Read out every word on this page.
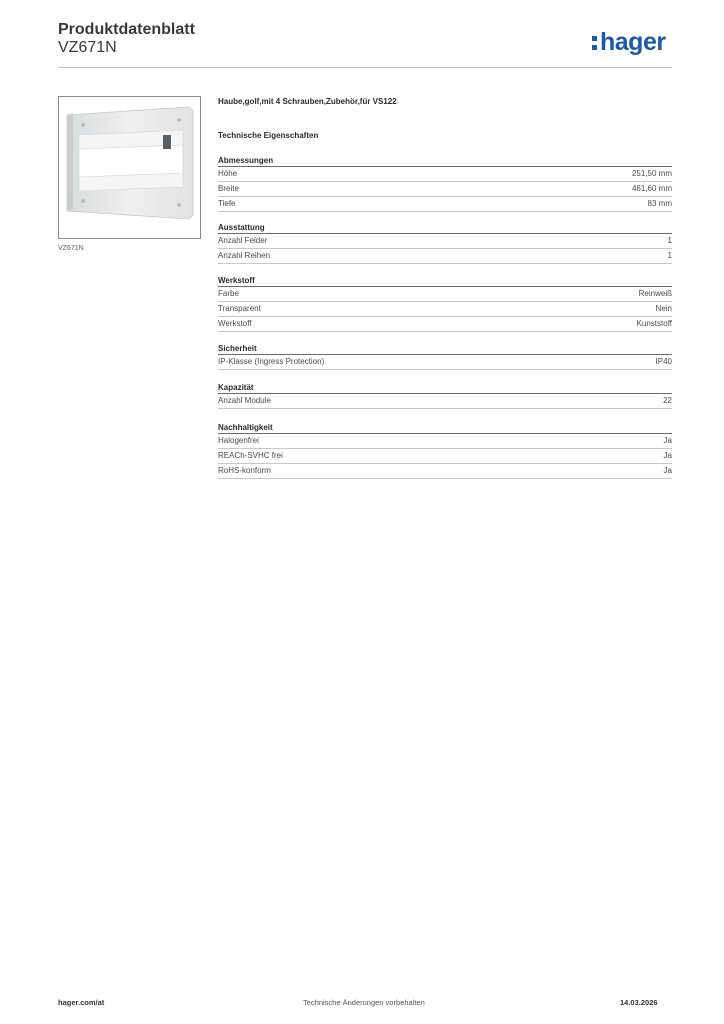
Produktdatenblatt
VZ671N	hager
VZ671N
Haube,golf,mit 4 Schrauben,Zubehör,für VS122
Technische Eigenschaften
Abmessungen
Höhe	251,50 mm
Breite	461,60 mm
Tiefe	83 mm
Ausstattung
Anzahl Felder	1
Anzahl Reihen	1
Werkstoff
Farbe	Reinweiß
Transparent	Nein
Werkstoff	Kunststoff
Sicherheit
IP-Klasse (Ingress Protection)	IP40
Kapazität
Anzahl Module	22
Nachhaltigkeit
Halogenfrei	Ja
REACh-SVHC frei	Ja
RoHS-konform	Ja
hager.com/at	Technische Änderungen vorbehalten	14.03.2026
